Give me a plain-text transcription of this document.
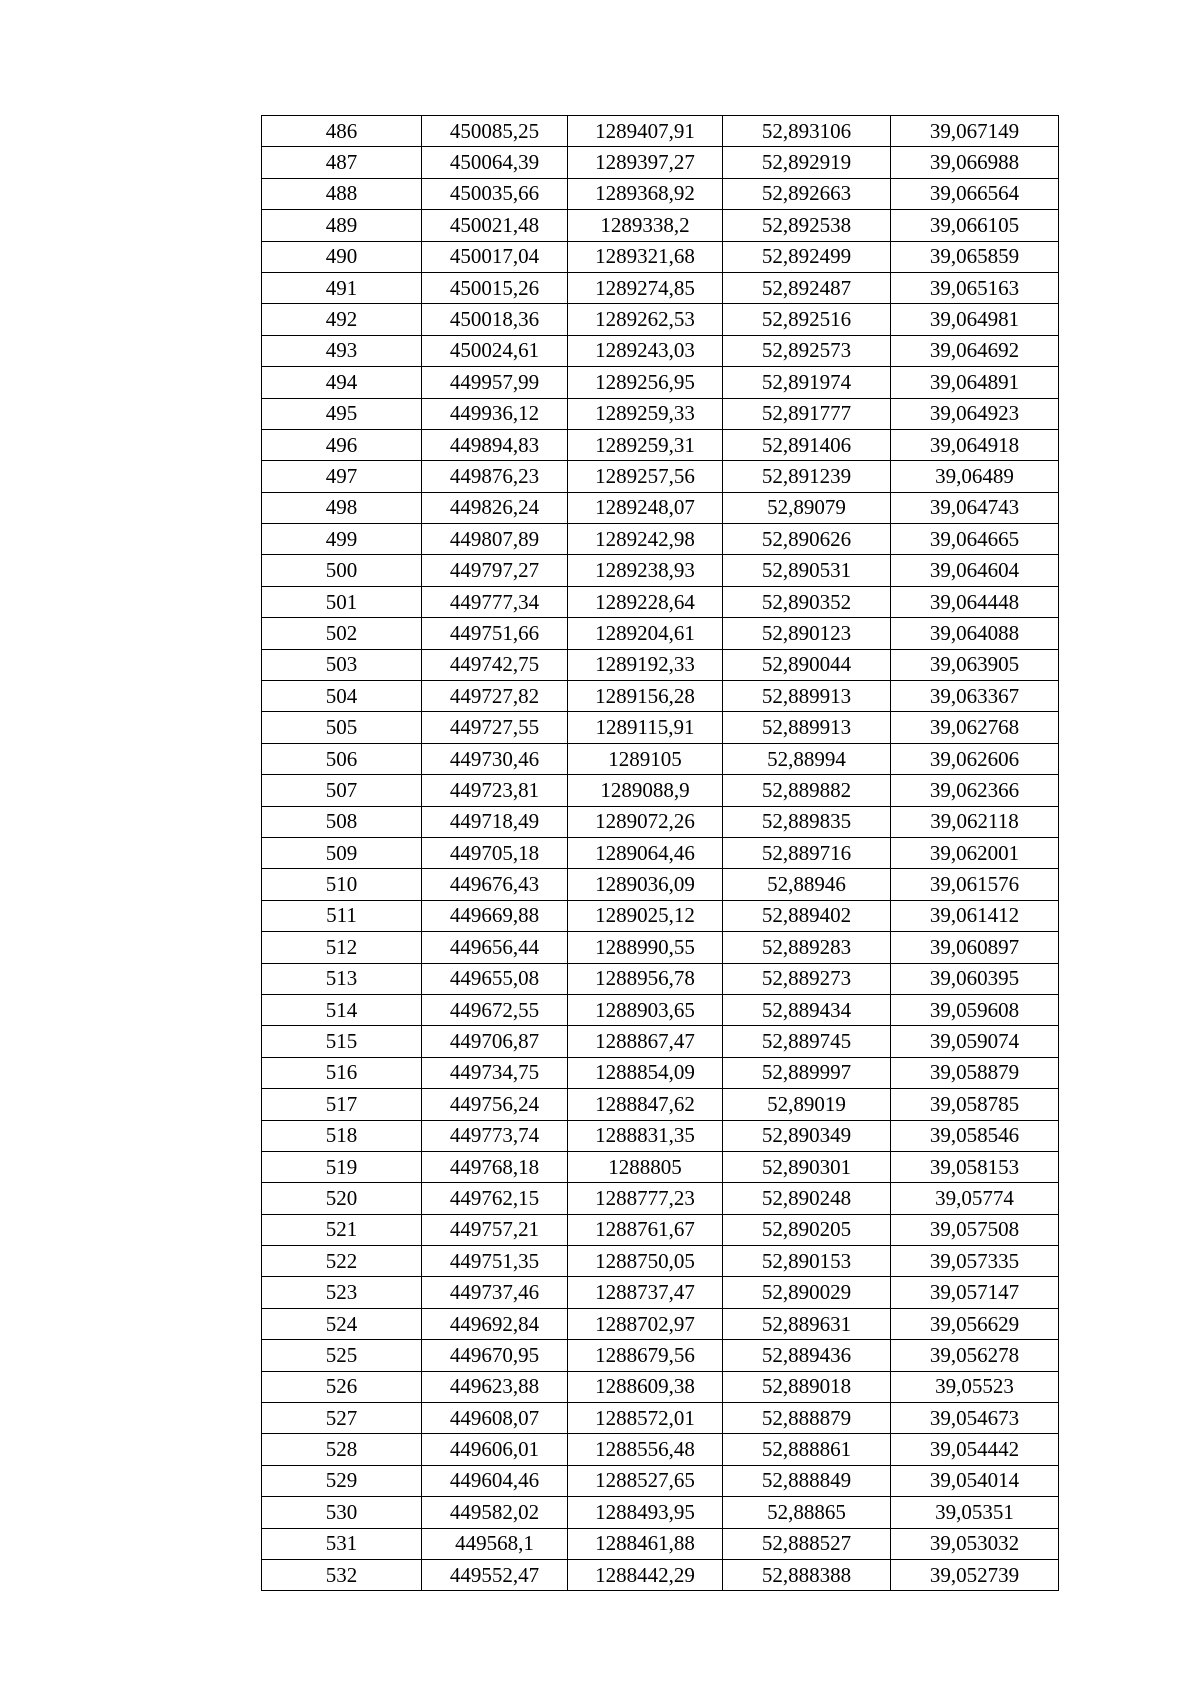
486	450085,25	1289407,91	52,893106	39,067149
487	450064,39	1289397,27	52,892919	39,066988
488	450035,66	1289368,92	52,892663	39,066564
489	450021,48	1289338,2	52,892538	39,066105
490	450017,04	1289321,68	52,892499	39,065859
491	450015,26	1289274,85	52,892487	39,065163
492	450018,36	1289262,53	52,892516	39,064981
493	450024,61	1289243,03	52,892573	39,064692
494	449957,99	1289256,95	52,891974	39,064891
495	449936,12	1289259,33	52,891777	39,064923
496	449894,83	1289259,31	52,891406	39,064918
497	449876,23	1289257,56	52,891239	39,06489
498	449826,24	1289248,07	52,89079	39,064743
499	449807,89	1289242,98	52,890626	39,064665
500	449797,27	1289238,93	52,890531	39,064604
501	449777,34	1289228,64	52,890352	39,064448
502	449751,66	1289204,61	52,890123	39,064088
503	449742,75	1289192,33	52,890044	39,063905
504	449727,82	1289156,28	52,889913	39,063367
505	449727,55	1289115,91	52,889913	39,062768
506	449730,46	1289105	52,88994	39,062606
507	449723,81	1289088,9	52,889882	39,062366
508	449718,49	1289072,26	52,889835	39,062118
509	449705,18	1289064,46	52,889716	39,062001
510	449676,43	1289036,09	52,88946	39,061576
511	449669,88	1289025,12	52,889402	39,061412
512	449656,44	1288990,55	52,889283	39,060897
513	449655,08	1288956,78	52,889273	39,060395
514	449672,55	1288903,65	52,889434	39,059608
515	449706,87	1288867,47	52,889745	39,059074
516	449734,75	1288854,09	52,889997	39,058879
517	449756,24	1288847,62	52,89019	39,058785
518	449773,74	1288831,35	52,890349	39,058546
519	449768,18	1288805	52,890301	39,058153
520	449762,15	1288777,23	52,890248	39,05774
521	449757,21	1288761,67	52,890205	39,057508
522	449751,35	1288750,05	52,890153	39,057335
523	449737,46	1288737,47	52,890029	39,057147
524	449692,84	1288702,97	52,889631	39,056629
525	449670,95	1288679,56	52,889436	39,056278
526	449623,88	1288609,38	52,889018	39,05523
527	449608,07	1288572,01	52,888879	39,054673
528	449606,01	1288556,48	52,888861	39,054442
529	449604,46	1288527,65	52,888849	39,054014
530	449582,02	1288493,95	52,88865	39,05351
531	449568,1	1288461,88	52,888527	39,053032
532	449552,47	1288442,29	52,888388	39,052739
